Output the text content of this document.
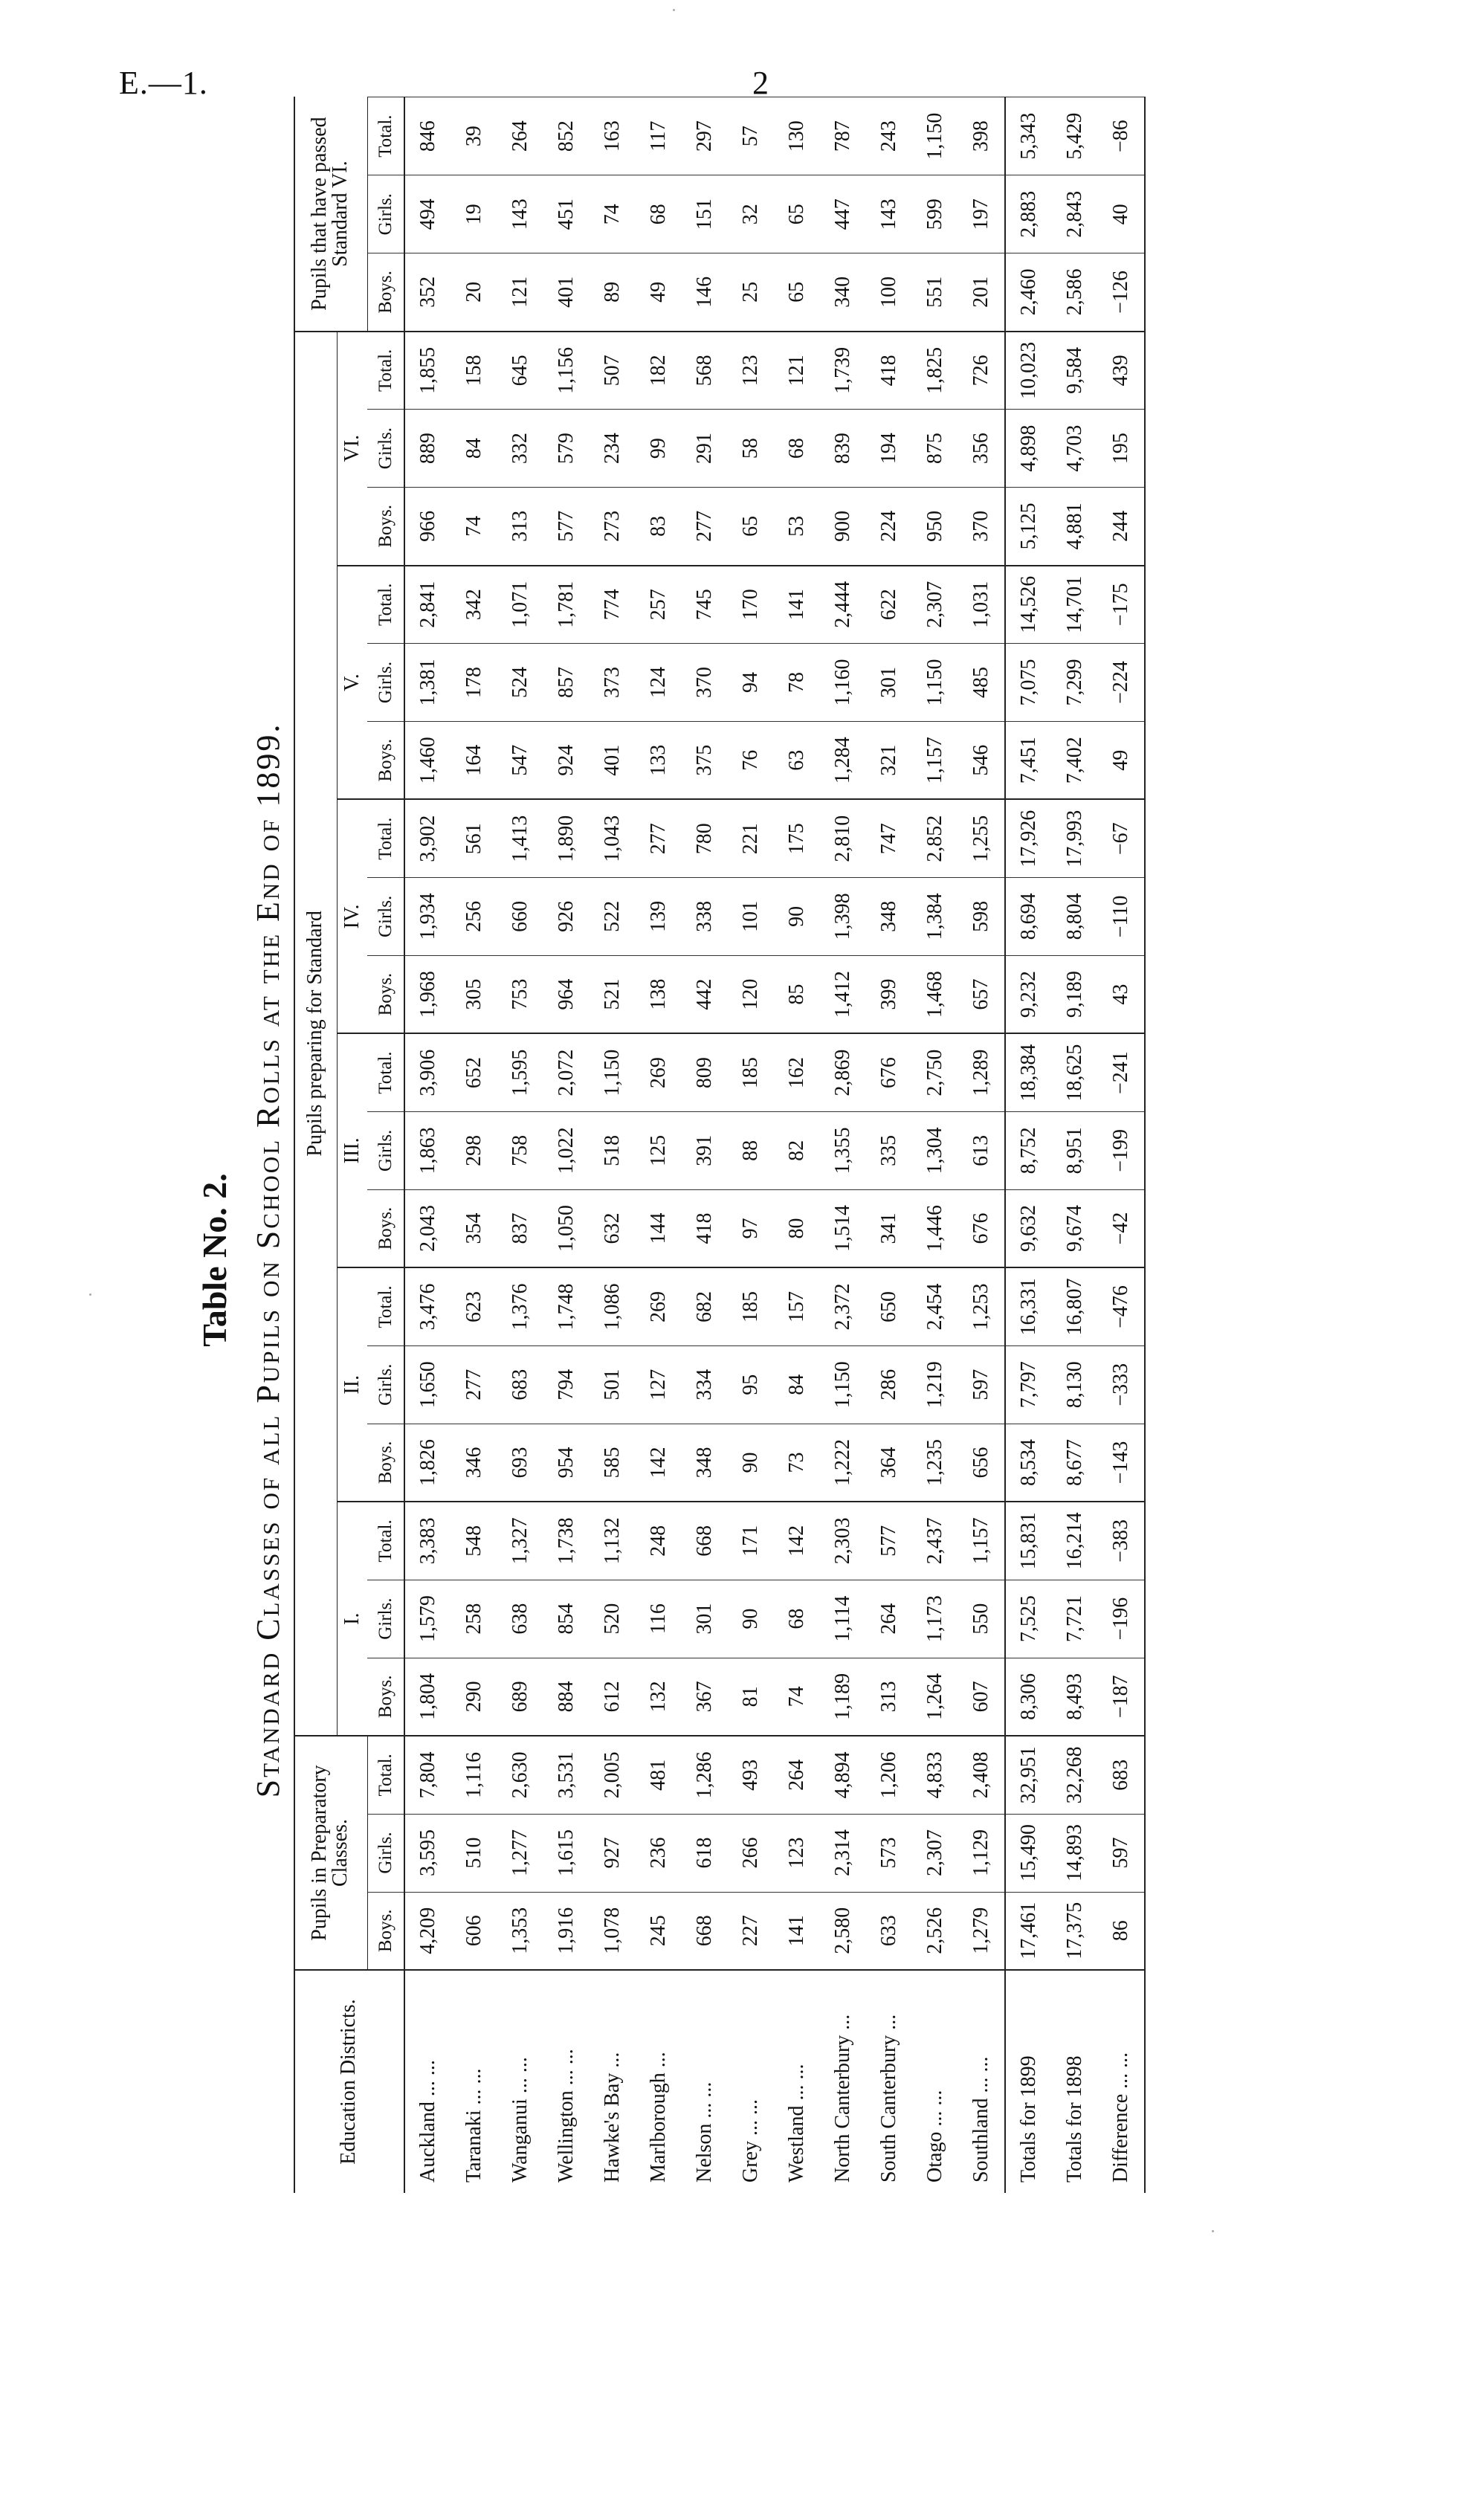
E.—1.	2
Table No. 2. Standard Classes of all Pupils on School Rolls at the End of 1899.
Education Districts.	Pupils in Preparatory Classes.			Pupils preparing for Standard																		Pupils that have passed Standard VI.		
				I.			II.			III.			IV.			V.			VI.					
	Boys.	Girls.	Total.	Boys.	Girls.	Total.	Boys.	Girls.	Total.	Boys.	Girls.	Total.	Boys.	Girls.	Total.	Boys.	Girls.	Total.	Boys.	Girls.	Total.	Boys.	Girls.	Total.
Auckland ... ...	4,209	3,595	7,804	1,804	1,579	3,383	1,826	1,650	3,476	2,043	1,863	3,906	1,968	1,934	3,902	1,460	1,381	2,841	966	889	1,855	352	494	846
Taranaki ... ...	606	510	1,116	290	258	548	346	277	623	354	298	652	305	256	561	164	178	342	74	84	158	20	19	39
Wanganui ... ...	1,353	1,277	2,630	689	638	1,327	693	683	1,376	837	758	1,595	753	660	1,413	547	524	1,071	313	332	645	121	143	264
Wellington ... ...	1,916	1,615	3,531	884	854	1,738	954	794	1,748	1,050	1,022	2,072	964	926	1,890	924	857	1,781	577	579	1,156	401	451	852
Hawke's Bay ...	1,078	927	2,005	612	520	1,132	585	501	1,086	632	518	1,150	521	522	1,043	401	373	774	273	234	507	89	74	163
Marlborough ...	245	236	481	132	116	248	142	127	269	144	125	269	138	139	277	133	124	257	83	99	182	49	68	117
Nelson ... ...	668	618	1,286	367	301	668	348	334	682	418	391	809	442	338	780	375	370	745	277	291	568	146	151	297
Grey ... ...	227	266	493	81	90	171	90	95	185	97	88	185	120	101	221	76	94	170	65	58	123	25	32	57
Westland ... ...	141	123	264	74	68	142	73	84	157	80	82	162	85	90	175	63	78	141	53	68	121	65	65	130
North Canterbury ...	2,580	2,314	4,894	1,189	1,114	2,303	1,222	1,150	2,372	1,514	1,355	2,869	1,412	1,398	2,810	1,284	1,160	2,444	900	839	1,739	340	447	787
South Canterbury ...	633	573	1,206	313	264	577	364	286	650	341	335	676	399	348	747	321	301	622	224	194	418	100	143	243
Otago ... ...	2,526	2,307	4,833	1,264	1,173	2,437	1,235	1,219	2,454	1,446	1,304	2,750	1,468	1,384	2,852	1,157	1,150	2,307	950	875	1,825	551	599	1,150
Southland ... ...	1,279	1,129	2,408	607	550	1,157	656	597	1,253	676	613	1,289	657	598	1,255	546	485	1,031	370	356	726	201	197	398
Totals for 1899	17,461	15,490	32,951	8,306	7,525	15,831	8,534	7,797	16,331	9,632	8,752	18,384	9,232	8,694	17,926	7,451	7,075	14,526	5,125	4,898	10,023	2,460	2,883	5,343
Totals for 1898	17,375	14,893	32,268	8,493	7,721	16,214	8,677	8,130	16,807	9,674	8,951	18,625	9,189	8,804	17,993	7,402	7,299	14,701	4,881	4,703	9,584	2,586	2,843	5,429
Difference ... ...	86	597	683	−187	−196	−383	−143	−333	−476	−42	−199	−241	43	−110	−67	49	−224	−175	244	195	439	−126	40	−86
